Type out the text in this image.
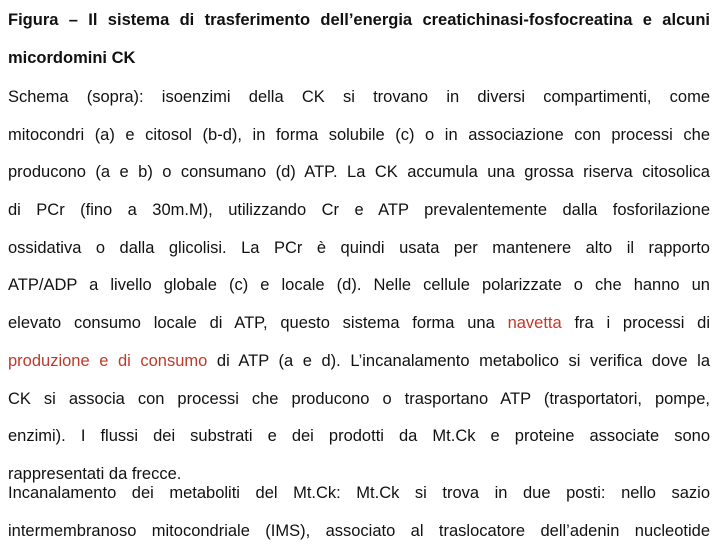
Figura – Il sistema di trasferimento dell’energia creatichinasi-fosfocreatina e alcuni
micordomini CK
Schema (sopra): isoenzimi della CK si trovano in diversi compartimenti, come
mitocondri (a) e citosol (b-d), in forma solubile (c) o in associazione con processi che
producono (a e b) o consumano (d) ATP. La CK accumula una grossa riserva citosolica
di PCr (fino a 30m.M), utilizzando Cr e ATP prevalentemente dalla fosforilazione
ossidativa o dalla glicolisi. La PCr è quindi usata per mantenere alto il rapporto
ATP/ADP a livello globale (c) e locale (d). Nelle cellule polarizzate o che hanno un
elevato consumo locale di ATP, questo sistema forma una navetta fra i processi di
produzione e di consumo di ATP (a e d). L’incanalamento metabolico si verifica dove la
CK si associa con processi che producono o trasportano ATP (trasportatori, pompe,
enzimi). I flussi dei substrati e dei prodotti da Mt.Ck e proteine associate sono
rappresentati da frecce.
Incanalamento dei metaboliti del Mt.Ck: Mt.Ck si trova in due posti: nello sazio
intermembranoso mitocondriale (IMS), associato al traslocatore dell’adenin nucleotide
